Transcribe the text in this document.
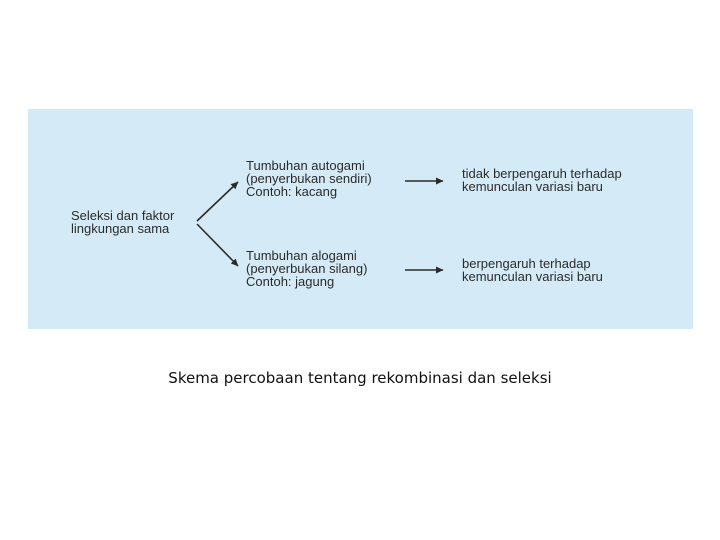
Seleksi dan faktor
lingkungan sama
Tumbuhan autogami
(penyerbukan sendiri)
Contoh: kacang
Tumbuhan alogami
(penyerbukan silang)
Contoh: jagung
tidak berpengaruh terhadap
kemunculan variasi baru
berpengaruh terhadap
kemunculan variasi baru
Skema percobaan tentang rekombinasi dan seleksi
